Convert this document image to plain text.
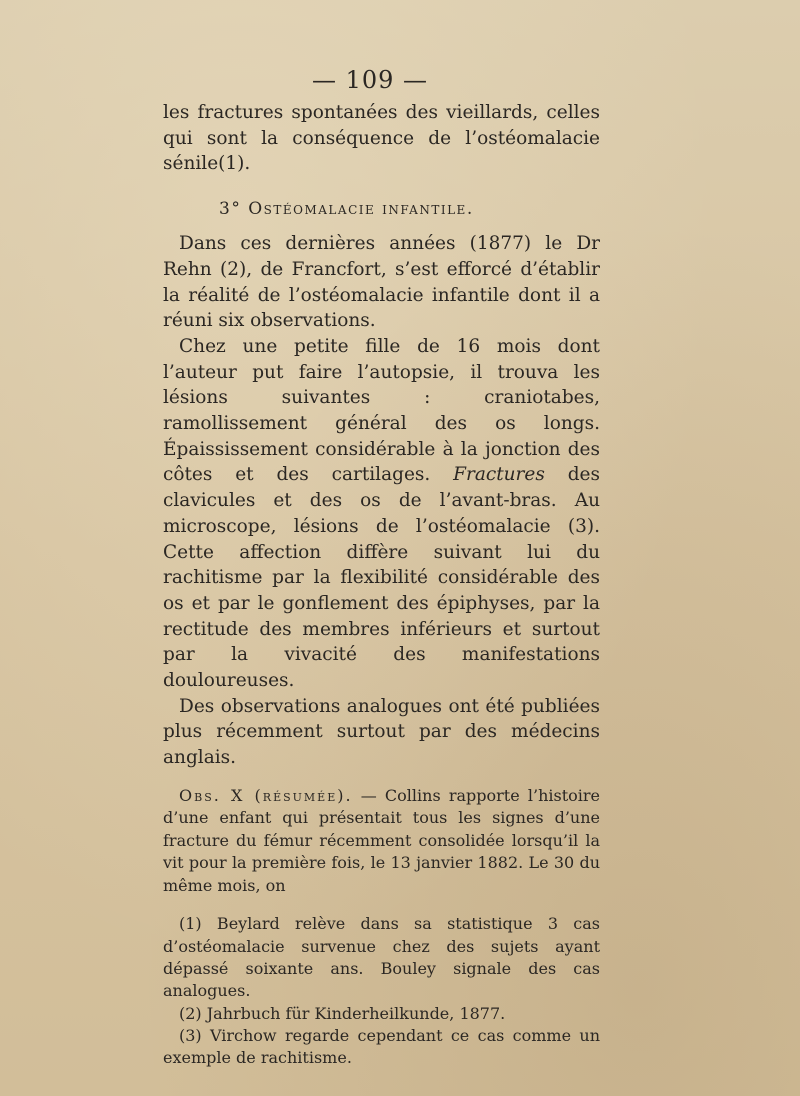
— 109 —

les fractures spontanées des vieillards, celles qui sont la conséquence de l’ostéomalacie sénile(1).

3° Ostéomalacie infantile.

Dans ces dernières années (1877) le Dr Rehn (2), de Francfort, s’est efforcé d’établir la réalité de l’ostéomalacie infantile dont il a réuni six observations.

Chez une petite fille de 16 mois dont l’auteur put faire l’autopsie, il trouva les lésions suivantes : craniotabes, ramollissement général des os longs. Épaississement considérable à la jonction des côtes et des cartilages. Fractures des clavicules et des os de l’avant-bras. Au microscope, lésions de l’ostéomalacie (3). Cette affection diffère suivant lui du rachitisme par la flexibilité considérable des os et par le gonflement des épiphyses, par la rectitude des membres inférieurs et surtout par la vivacité des manifestations douloureuses.

Des observations analogues ont été publiées plus récemment surtout par des médecins anglais.

Obs. X (résumée). — Collins rapporte l’histoire d’une enfant qui présentait tous les signes d’une fracture du fémur récemment consolidée lorsqu’il la vit pour la première fois, le 13 janvier 1882. Le 30 du même mois, on

(1) Beylard relève dans sa statistique 3 cas d’ostéomalacie survenue chez des sujets ayant dépassé soixante ans. Bouley signale des cas analogues.

(2) Jahrbuch für Kinderheilkunde, 1877.

(3) Virchow regarde cependant ce cas comme un exemple de rachitisme.
